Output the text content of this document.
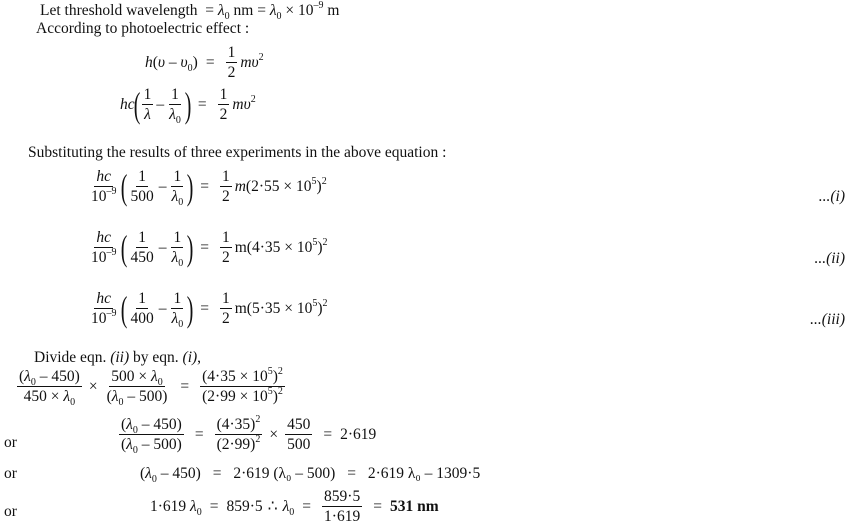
Let threshold wavelength  = $\lambda_0$ nm = $\lambda_0 \times 10^{-9}$ m
According to photoelectric effect :
$h(\upsilon - \upsilon_0) = \frac{1}{2} m\upsilon^2$
hc
( $\frac{1}{\lambda} - \frac{1}{\lambda_0}$ ) = $\frac{1}{2} m\upsilon^2$
Substituting the results of three experiments in the above equation :
$\frac{hc}{10^{-9}}$ ( $\frac{1}{500} - \frac{1}{\lambda_0}$ ) = $\frac{1}{2} m(2\cdot 55 \times 10^5)^2$
...(i)
$\frac{hc}{10^{-9}}$ ( $\frac{1}{450} - \frac{1}{\lambda_0}$ ) = $\frac{1}{2} m(4\cdot 35 \times 10^5)^2$
...(ii)
$\frac{hc}{10^{-9}}$ ( $\frac{1}{400} - \frac{1}{\lambda_0}$ ) = $\frac{1}{2} m(5\cdot 35 \times 10^5)^2$
...(iii)
Divide eqn. (ii) by eqn. (i),
$\frac{(\lambda_0 - 450)}{450 \times \lambda_0} \times \frac{500 \times \lambda_0}{(\lambda_0 - 500)} = \frac{(4\cdot 35 \times 10^5)^2}{(2\cdot 99 \times 10^5)^2}$
or	$\frac{(\lambda_0 - 450)}{(\lambda_0 - 500)} = \frac{(4\cdot 35)^2}{(2\cdot 99)^2} \times \frac{450}{500} = 2\cdot 619$
or	$(\lambda_0 - 450) = 2\cdot 619$ (λ₀ – 500) = 2·619 λ₀ – 1309·5
or	1·619 $\lambda_0 = 859\cdot 5$ ∴ $\lambda_0 = \frac{859\cdot 5}{1\cdot 619} = 531$ nm
